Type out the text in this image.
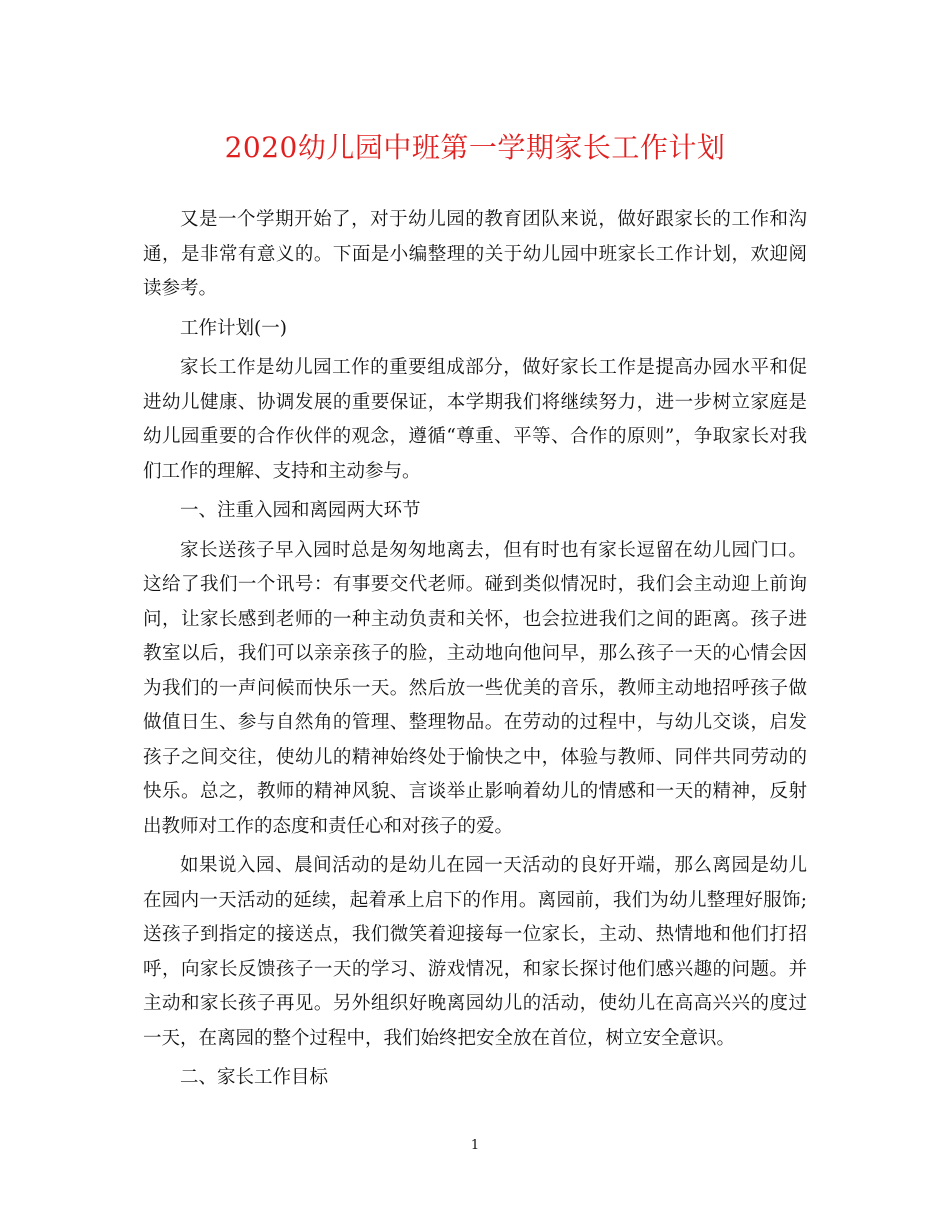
2020幼儿园中班第一学期家长工作计划

又是一个学期开始了，对于幼儿园的教育团队来说，做好跟家长的工作和沟通，是非常有意义的。下面是小编整理的关于幼儿园中班家长工作计划，欢迎阅读参考。

工作计划(一)

家长工作是幼儿园工作的重要组成部分，做好家长工作是提高办园水平和促进幼儿健康、协调发展的重要保证，本学期我们将继续努力，进一步树立家庭是幼儿园重要的合作伙伴的观念，遵循“尊重、平等、合作的原则”，争取家长对我们工作的理解、支持和主动参与。

一、注重入园和离园两大环节

家长送孩子早入园时总是匆匆地离去，但有时也有家长逗留在幼儿园门口。这给了我们一个讯号：有事要交代老师。碰到类似情况时，我们会主动迎上前询问，让家长感到老师的一种主动负责和关怀，也会拉进我们之间的距离。孩子进教室以后，我们可以亲亲孩子的脸，主动地向他问早，那么孩子一天的心情会因为我们的一声问候而快乐一天。然后放一些优美的音乐，教师主动地招呼孩子做做值日生、参与自然角的管理、整理物品。在劳动的过程中，与幼儿交谈，启发孩子之间交往，使幼儿的精神始终处于愉快之中，体验与教师、同伴共同劳动的快乐。总之，教师的精神风貌、言谈举止影响着幼儿的情感和一天的精神，反射出教师对工作的态度和责任心和对孩子的爱。

如果说入园、晨间活动的是幼儿在园一天活动的良好开端，那么离园是幼儿在园内一天活动的延续，起着承上启下的作用。离园前，我们为幼儿整理好服饰;送孩子到指定的接送点，我们微笑着迎接每一位家长，主动、热情地和他们打招呼，向家长反馈孩子一天的学习、游戏情况，和家长探讨他们感兴趣的问题。并主动和家长孩子再见。另外组织好晚离园幼儿的活动，使幼儿在高高兴兴的度过一天，在离园的整个过程中，我们始终把安全放在首位，树立安全意识。

二、家长工作目标

1
